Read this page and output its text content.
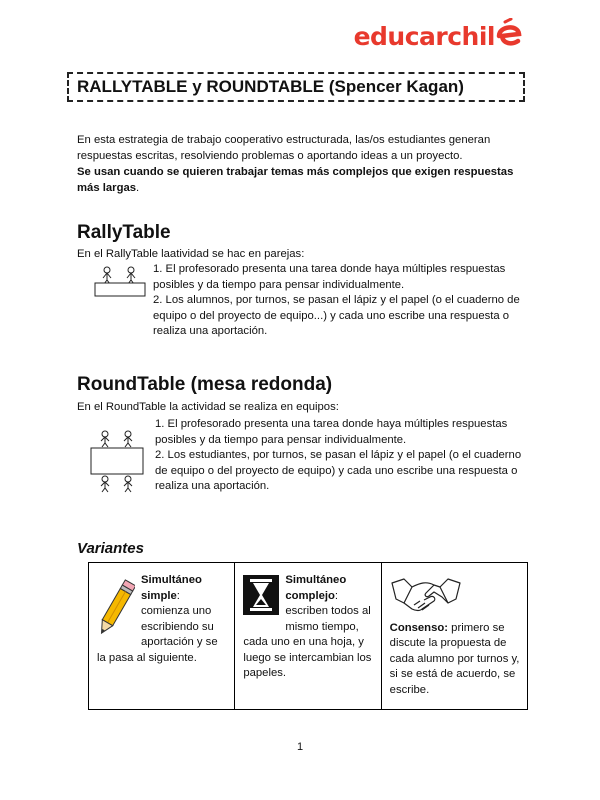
educarchil
RALLYTABLE y ROUNDTABLE (Spencer Kagan)
En esta estrategia de trabajo cooperativo estructurada, las/os estudiantes generan respuestas escritas, resolviendo problemas o aportando ideas a un proyecto.
Se usan cuando se quieren trabajar temas más complejos que exigen respuestas más largas.
RallyTable
En el RallyTable laatividad se hac en parejas:

1. El profesorado presenta una tarea donde haya múltiples respuestas posibles y da tiempo para pensar individualmente.

2. Los alumnos, por turnos, se pasan el lápiz y el papel (o el cuaderno de equipo o del proyecto de equipo...) y cada uno escribe una respuesta o realiza una aportación.

RoundTable (mesa redonda)
En el RoundTable la actividad se realiza en equipos:

1. El profesorado presenta una tarea donde haya múltiples respuestas posibles y da tiempo para pensar individualmente.

2. Los estudiantes, por turnos, se pasan el lápiz y el papel (o el cuaderno de equipo o del proyecto de equipo) y cada uno escribe una respuesta o realiza una aportación.

Variantes
Simultáneo simple: comienza uno escribiendo su aportación y se la pasa al siguiente.
Simultáneo complejo: escriben todos al mismo tiempo, cada uno en una hoja, y luego se intercambian los papeles.
Consenso: primero se discute la propuesta de cada alumno por turnos y, si se está de acuerdo, se escribe.
1
